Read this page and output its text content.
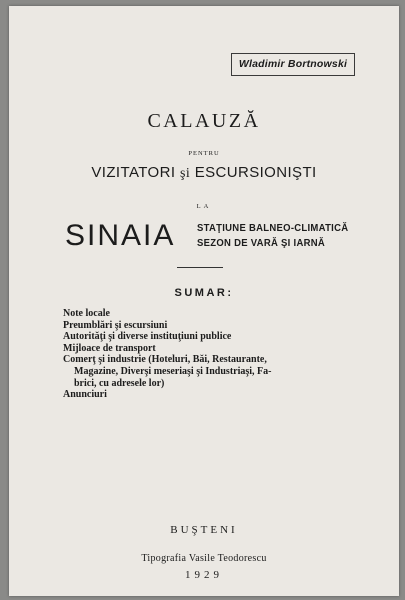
Wladimir Bortnowski
CALAUZĂ
PENTRU
VIZITATORI şi ESCURSIONIŞTI
LA
SINAIA STAŢIUNE BALNEO-CLIMATICĂ
SEZON DE VARĂ ŞI IARNĂ
SUMAR:
Note locale
Preumblări şi escursiuni
Autorităţi şi diverse instituţiuni publice
Mijloace de transport
Comerţ şi industrie (Hoteluri, Băi, Restaurante,
Magazine, Diverşi meseriaşi şi Industriaşi, Fa-
brici, cu adresele lor)
Anunciuri
BUŞTENI
Tipografia Vasile Teodorescu
1929
